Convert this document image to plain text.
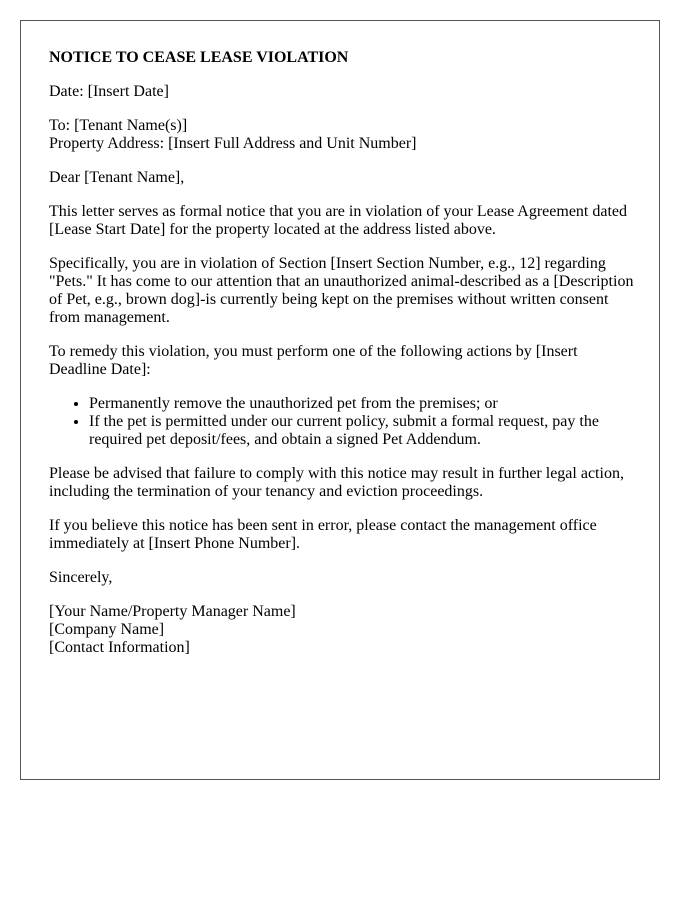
NOTICE TO CEASE LEASE VIOLATION

Date: [Insert Date]

To: [Tenant Name(s)]
Property Address: [Insert Full Address and Unit Number]

Dear [Tenant Name],

This letter serves as formal notice that you are in violation of your Lease Agreement dated [Lease Start Date] for the property located at the address listed above.

Specifically, you are in violation of Section [Insert Section Number, e.g., 12] regarding "Pets." It has come to our attention that an unauthorized animal-described as a [Description of Pet, e.g., brown dog]-is currently being kept on the premises without written consent from management.

To remedy this violation, you must perform one of the following actions by [Insert Deadline Date]:

• Permanently remove the unauthorized pet from the premises; or
• If the pet is permitted under our current policy, submit a formal request, pay the required pet deposit/fees, and obtain a signed Pet Addendum.

Please be advised that failure to comply with this notice may result in further legal action, including the termination of your tenancy and eviction proceedings.

If you believe this notice has been sent in error, please contact the management office immediately at [Insert Phone Number].

Sincerely,

[Your Name/Property Manager Name]
[Company Name]
[Contact Information]
